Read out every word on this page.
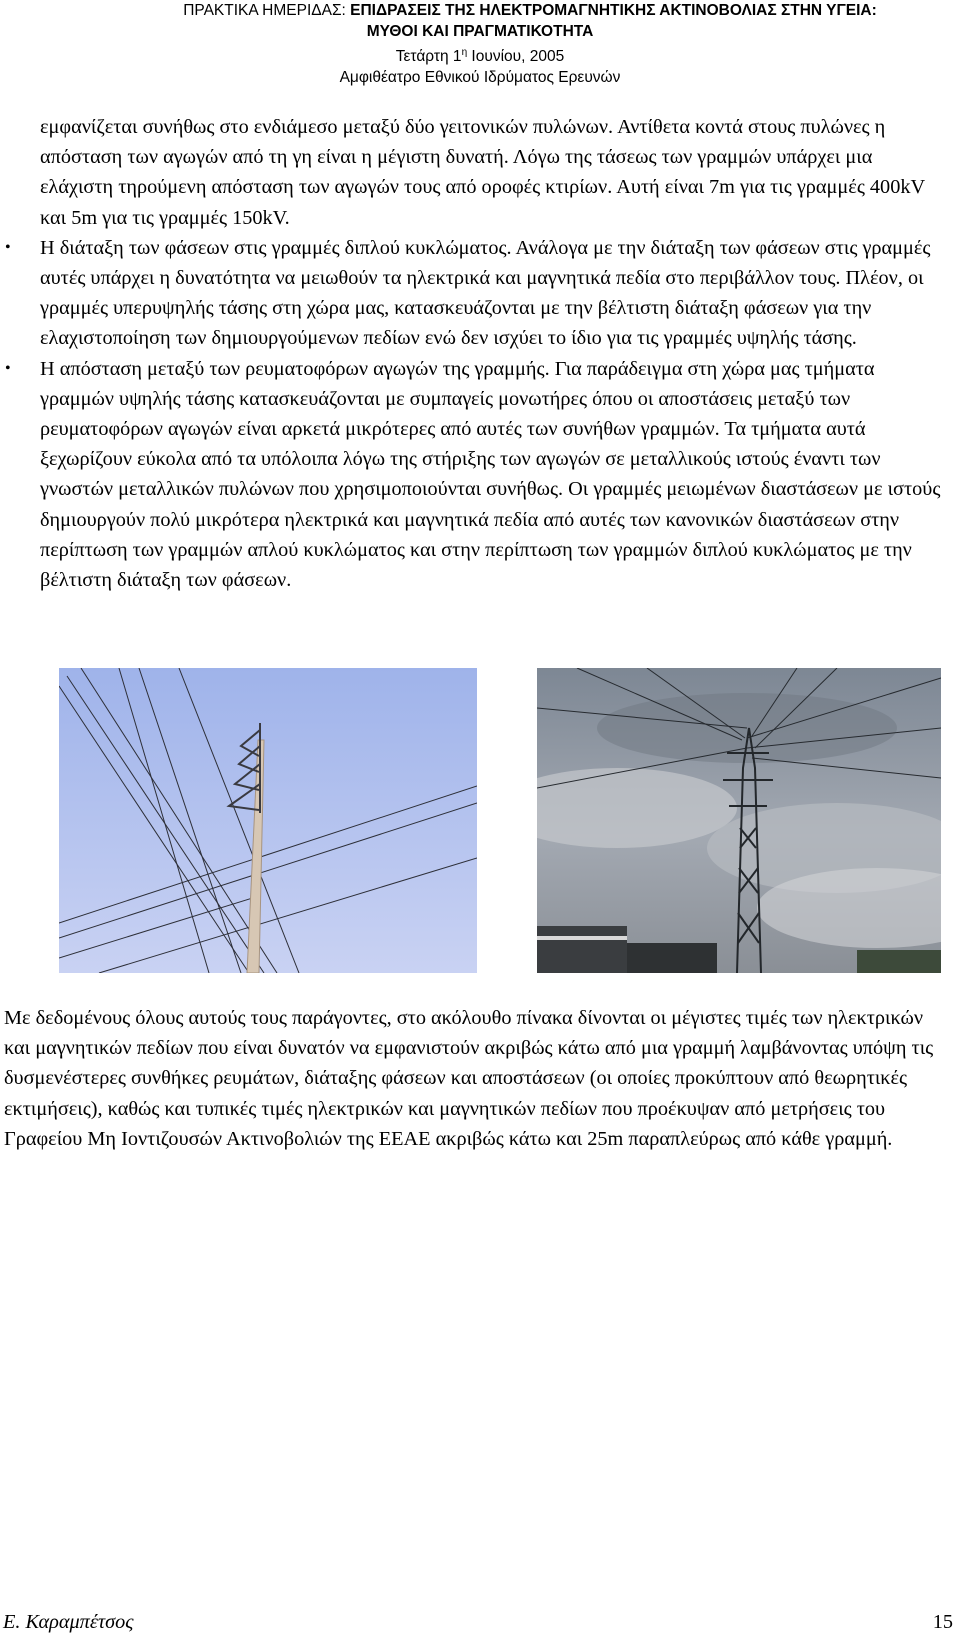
ΠΡΑΚΤΙΚΑ ΗΜΕΡΙΔΑΣ: ΕΠΙΔΡΑΣΕΙΣ ΤΗΣ ΗΛΕΚΤΡΟΜΑΓΝΗΤΙΚΗΣ ΑΚΤΙΝΟΒΟΛΙΑΣ ΣΤΗΝ ΥΓΕΙΑ:
ΜΥΘΟΙ ΚΑΙ ΠΡΑΓΜΑΤΙΚΟΤΗΤΑ
Τετάρτη $1^\eta$ Ιουνίου, 2005
Αμφιθέατρο Εθνικού Ιδρύματος Ερευνών

εμφανίζεται συνήθως στο ενδιάμεσο μεταξύ δύο γειτονικών πυλώνων. Αντίθετα κοντά στους πυλώνες η απόσταση των αγωγών από τη γη είναι η μέγιστη δυνατή. Λόγω της τάσεως των γραμμών υπάρχει μια ελάχιστη τηρούμενη απόσταση των αγωγών τους από οροφές κτιρίων. Αυτή είναι 7m για τις γραμμές 400kV και 5m για τις γραμμές 150kV.

• Η διάταξη των φάσεων στις γραμμές διπλού κυκλώματος. Ανάλογα με την διάταξη των φάσεων στις γραμμές αυτές υπάρχει η δυνατότητα να μειωθούν τα ηλεκτρικά και μαγνητικά πεδία στο περιβάλλον τους. Πλέον, οι γραμμές υπερυψηλής τάσης στη χώρα μας, κατασκευάζονται με την βέλτιστη διάταξη φάσεων για την ελαχιστοποίηση των δημιουργούμενων πεδίων ενώ δεν ισχύει το ίδιο για τις γραμμές υψηλής τάσης.

• Η απόσταση μεταξύ των ρευματοφόρων αγωγών της γραμμής. Για παράδειγμα στη χώρα μας τμήματα γραμμών υψηλής τάσης κατασκευάζονται με συμπαγείς μονωτήρες όπου οι αποστάσεις μεταξύ των ρευματοφόρων αγωγών είναι αρκετά μικρότερες από αυτές των συνήθων γραμμών. Τα τμήματα αυτά ξεχωρίζουν εύκολα από τα υπόλοιπα λόγω της στήριξης των αγωγών σε μεταλλικούς ιστούς έναντι των γνωστών μεταλλικών πυλώνων που χρησιμοποιούνται συνήθως. Οι γραμμές μειωμένων διαστάσεων με ιστούς δημιουργούν πολύ μικρότερα ηλεκτρικά και μαγνητικά πεδία από αυτές των κανονικών διαστάσεων στην περίπτωση των γραμμών απλού κυκλώματος και στην περίπτωση των γραμμών διπλού κυκλώματος με την βέλτιστη διάταξη των φάσεων.

Με δεδομένους όλους αυτούς τους παράγοντες, στο ακόλουθο πίνακα δίνονται οι μέγιστες τιμές των ηλεκτρικών και μαγνητικών πεδίων που είναι δυνατόν να εμφανιστούν ακριβώς κάτω από μια γραμμή λαμβάνοντας υπόψη τις δυσμενέστερες συνθήκες ρευμάτων, διάταξης φάσεων και αποστάσεων (οι οποίες προκύπτουν από θεωρητικές εκτιμήσεις), καθώς και τυπικές τιμές ηλεκτρικών και μαγνητικών πεδίων που προέκυψαν από μετρήσεις του Γραφείου Μη Ιοντιζουσών Ακτινοβολιών της ΕΕΑΕ ακριβώς κάτω και 25m παραπλεύρως από κάθε γραμμή.

Ε. Καραμπέτσος	15
